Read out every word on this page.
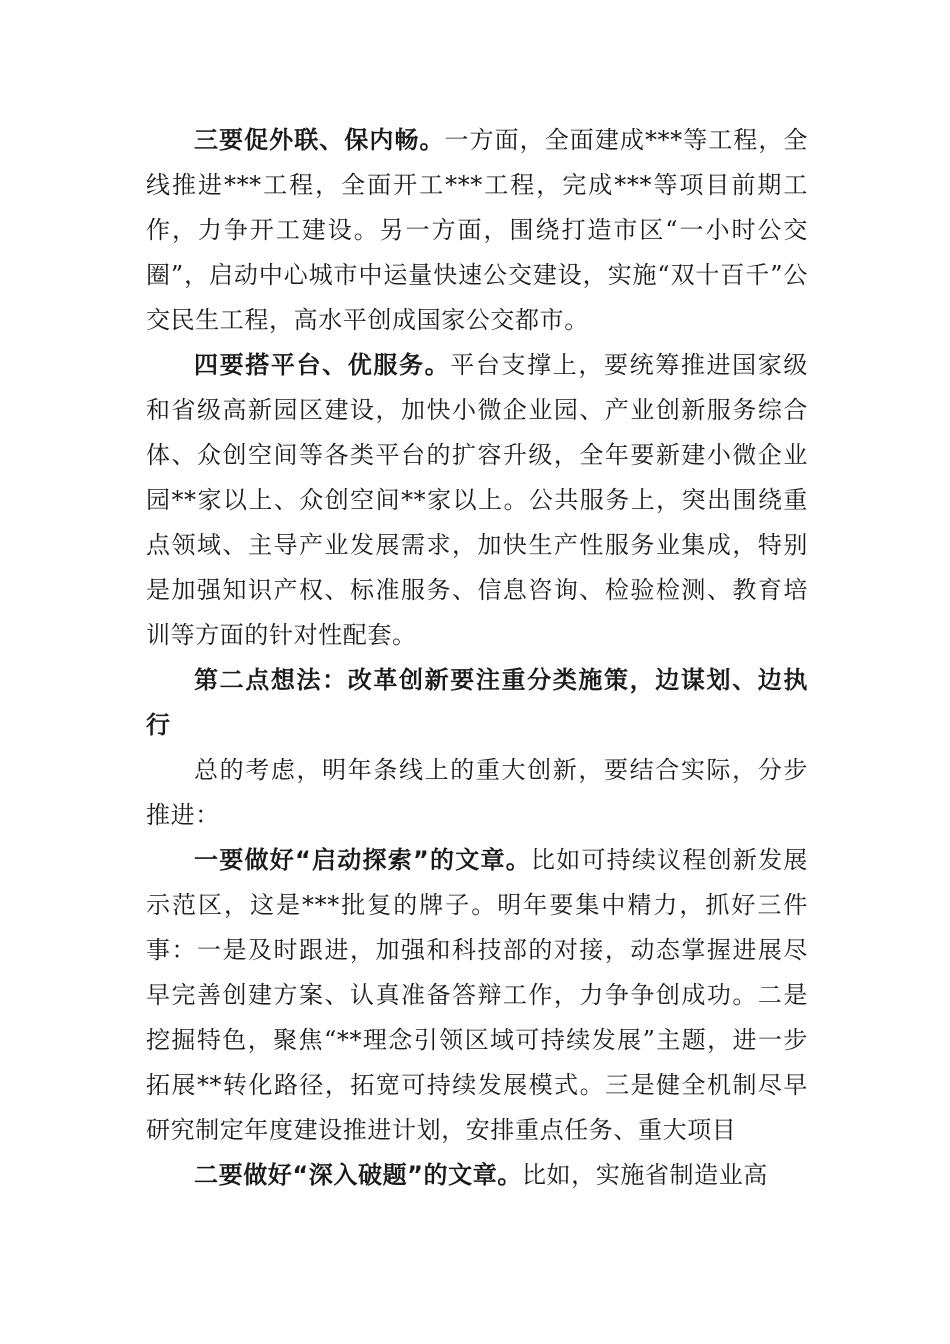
三要促外联、保内畅。一方面，全面建成***等工程，全线推进***工程，全面开工***工程，完成***等项目前期工作，力争开工建设。另一方面，围绕打造市区“一小时公交圈”，启动中心城市中运量快速公交建设，实施“双十百千”公交民生工程，高水平创成国家公交都市。

四要搭平台、优服务。平台支撑上，要统筹推进国家级和省级高新园区建设，加快小微企业园、产业创新服务综合体、众创空间等各类平台的扩容升级，全年要新建小微企业园**家以上、众创空间**家以上。公共服务上，突出围绕重点领域、主导产业发展需求，加快生产性服务业集成，特别是加强知识产权、标准服务、信息咨询、检验检测、教育培训等方面的针对性配套。

第二点想法：改革创新要注重分类施策，边谋划、边执行

总的考虑，明年条线上的重大创新，要结合实际，分步推进：

一要做好“启动探索”的文章。比如可持续议程创新发展示范区，这是***批复的牌子。明年要集中精力，抓好三件事：一是及时跟进，加强和科技部的对接，动态掌握进展尽早完善创建方案、认真准备答辩工作，力争争创成功。二是挖掘特色，聚焦“**理念引领区域可持续发展”主题，进一步拓展**转化路径，拓宽可持续发展模式。三是健全机制尽早研究制定年度建设推进计划，安排重点任务、重大项目

二要做好“深入破题”的文章。比如，实施省制造业高
